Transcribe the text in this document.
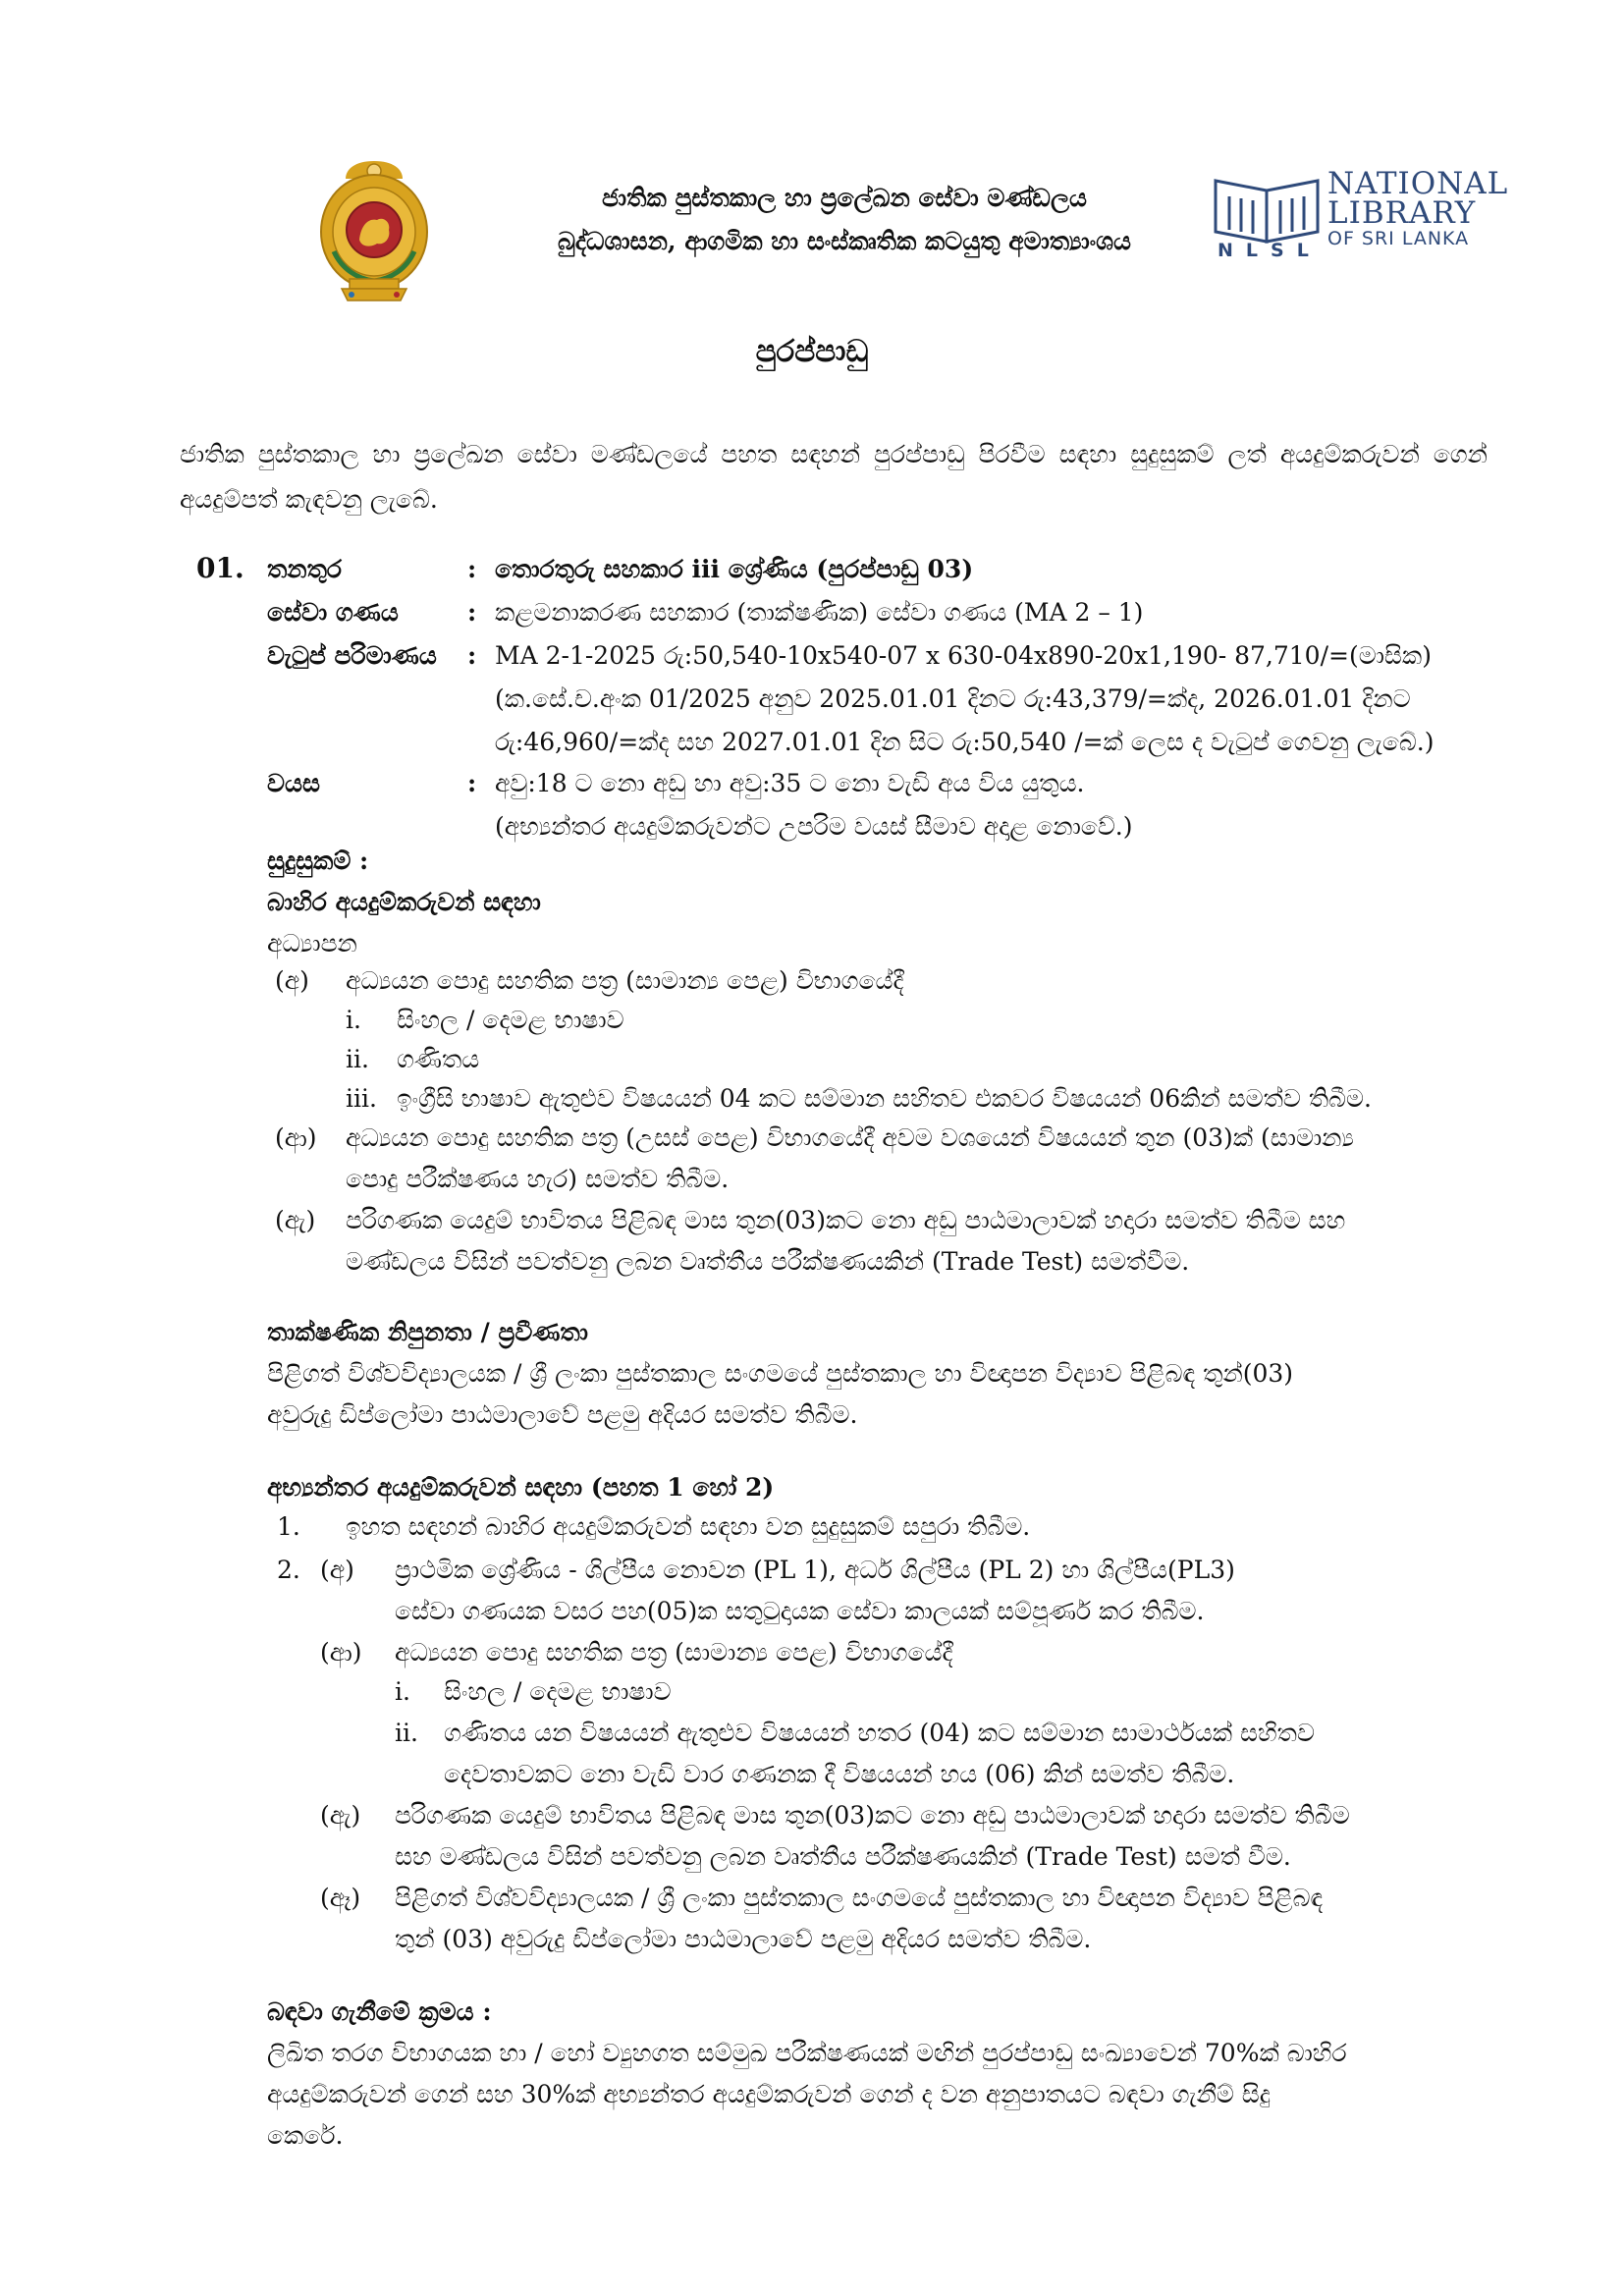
ජාතික පුස්තකාල හා ප්‍රලේඛන සේවා මණ්ඩලය
බුද්ධශාසන, ආගමික හා සංස්කෘතික කටයුතු අමාත්‍යාංශය
NATIONAL
LIBRARY
OF SRI LANKA
NLSL
පුරප්පාඩු
ජාතික පුස්තකාල හා ප්‍රලේඛන සේවා මණ්ඩලයේ පහත සඳහන් පුරප්පාඩු පිරවීම සඳහා සුදුසුකම් ලත් අයදුම්කරුවන් ගෙන් අයදුම්පත් කැඳවනු ලැබේ.
01. තනතුර	: තොරතුරු සහකාර iii ශ්‍රේණිය (පුරප්පාඩු 03)
සේවා ගණය	: කළමනාකරණ සහකාර (තාක්ෂණික) සේවා ගණය (MA 2 – 1)
වැටුප් පරිමාණය : MA 2-1-2025 රු:50,540-10x540-07 x 630-04x890-20x1,190- 87,710/=(මාසික)
(ක.සේ.ච.අංක 01/2025 අනුව 2025.01.01 දිනට රු:43,379/=ක්ද, 2026.01.01 දිනට
රු:46,960/=ක්ද සහ 2027.01.01 දින සිට රු:50,540 /=ක් ලෙස ද වැටුප් ගෙවනු ලැබේ.)
වයස	: අවු:18 ට නො අඩු හා අවු:35 ට නො වැඩි අය විය යුතුය.
(අභ්‍යන්තර අයදුම්කරුවන්ට උපරිම වයස් සීමාව අදාළ නොවේ.)
සුදුසුකම් :
බාහිර අයදුම්කරුවන් සඳහා
අධ්‍යාපන
(අ) අධ්‍යයන පොදු සහතික පත්‍ර (සාමාන්‍ය පෙළ) විභාගයේදී
i. සිංහල / දෙමළ භාෂාව
ii. ගණිතය
iii. ඉංග්‍රීසි භාෂාව ඇතුළුව විෂයයන් 04 කට සම්මාන සහිතව එකවර විෂයයන් 06කින් සමත්ව තිබීම.
(ආ) අධ්‍යයන පොදු සහතික පත්‍ර (උසස් පෙළ) විභාගයේදී අවම වශයෙන් විෂයයන් තුන (03)ක් (සාමාන්‍ය
පොදු පරීක්ෂණය හැර) සමත්ව තිබීම.
(ඇ) පරිගණක යෙදුම් භාවිතය පිළිබඳ මාස තුන(03)කට නො අඩු පාඨමාලාවක් හදාරා සමත්ව තිබීම සහ
මණ්ඩලය විසින් පවත්වනු ලබන වෘත්තීය පරීක්ෂණයකින් (Trade Test) සමත්වීම.
තාක්ෂණික නිපුනතා / ප්‍රවීණතා
පිළිගත් විශ්වවිද්‍යාලයක / ශ්‍රී ලංකා පුස්තකාල සංගමයේ පුස්තකාල හා විඥාපන විද්‍යාව පිළිබඳ තුන්(03)
අවුරුදු ඩිප්ලෝමා පාඨමාලාවේ පළමු අදියර සමත්ව තිබීම.
අභ්‍යන්තර අයදුම්කරුවන් සඳහා (පහත 1 හෝ 2)
1. ඉහත සඳහන් බාහිර අයදුම්කරුවන් සඳහා වන සුදුසුකම් සපුරා තිබීම.
2. (අ) ප්‍රාථමික ශ්‍රේණිය - ශිල්පීය නොවන (PL 1), අර්ධ ශිල්පීය (PL 2) හා ශිල්පීය(PL3)
සේවා ගණයක වසර පහ(05)ක සතුටුදායක සේවා කාලයක් සම්පූර්ණ කර තිබීම.
(ආ) අධ්‍යයන පොදු සහතික පත්‍ර (සාමාන්‍ය පෙළ) විභාගයේදී
i. සිංහල / දෙමළ භාෂාව
ii. ගණිතය යන විෂයයන් ඇතුළුව විෂයයන් හතර (04) කට සම්මාන සාමාර්ථයක් සහිතව
දෙවතාවකට නො වැඩි වාර ගණනක දී විෂයයන් හය (06) කින් සමත්ව තිබීම.
(ඇ) පරිගණක යෙදුම් භාවිතය පිළිබඳ මාස තුන(03)කට නො අඩු පාඨමාලාවක් හදාරා සමත්ව තිබීම
සහ මණ්ඩලය විසින් පවත්වනු ලබන වෘත්තීය පරීක්ෂණයකින් (Trade Test) සමත් වීම.
(ඈ) පිළිගත් විශ්වවිද්‍යාලයක / ශ්‍රී ලංකා පුස්තකාල සංගමයේ පුස්තකාල හා විඥාපන විද්‍යාව පිළිබඳ
තුන් (03) අවුරුදු ඩිප්ලෝමා පාඨමාලාවේ පළමු අදියර සමත්ව තිබීම.
බඳවා ගැනීමේ ක්‍රමය :
ලිඛිත තරග විභාගයක හා / හෝ ව්‍යුහගත සම්මුඛ පරීක්ෂණයක් මඟින් පුරප්පාඩු සංඛ්‍යාවෙන් 70%ක් බාහිර
අයදුම්කරුවන් ගෙන් සහ 30%ක් අභ්‍යන්තර අයදුම්කරුවන් ගෙන් ද වන අනුපාතයට බඳවා ගැනීම් සිදු
කෙරේ.
